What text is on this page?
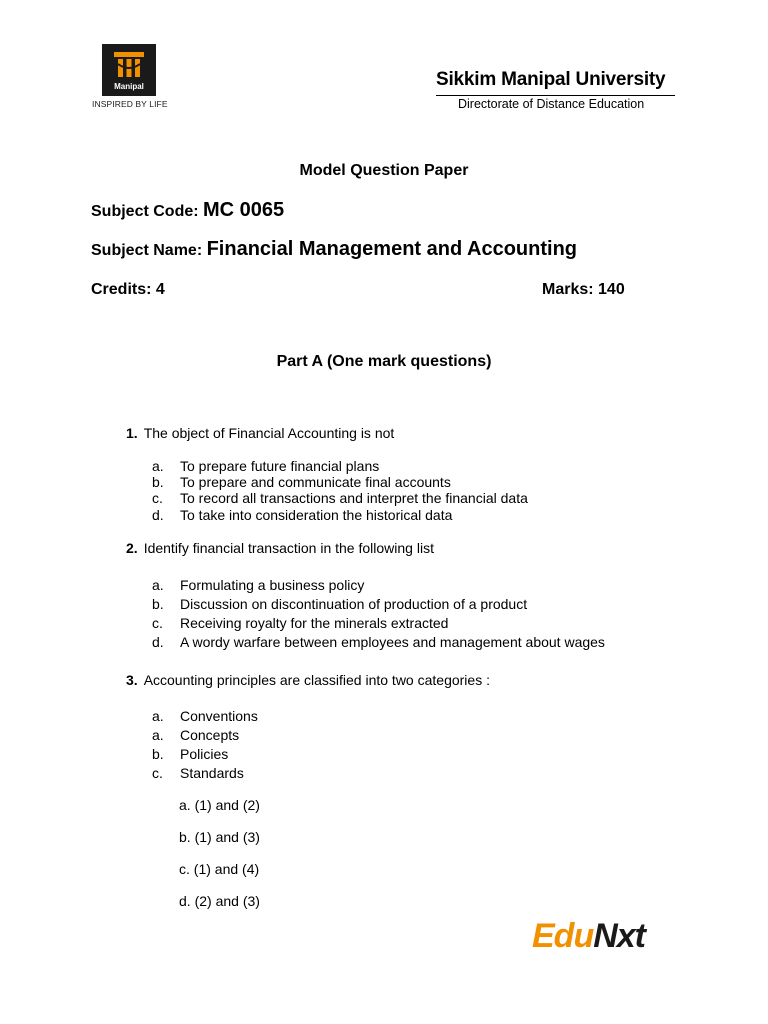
Manipal
INSPIRED BY LIFE
Sikkim Manipal University
Directorate of Distance Education
Model Question Paper
Subject Code: MC 0065
Subject Name: Financial Management and Accounting
Credits: 4	Marks: 140
Part A (One mark questions)
1. The object of Financial Accounting is not
a. To prepare future financial plans
b. To prepare and communicate final accounts
c. To record all transactions and interpret the financial data
d. To take into consideration the historical data
2. Identify financial transaction in the following list
a. Formulating a business policy
b. Discussion on discontinuation of production of a product
c. Receiving royalty for the minerals extracted
d. A wordy warfare between employees and management about wages
3. Accounting principles are classified into two categories :
a. Conventions
a. Concepts
b. Policies
c. Standards
a. (1) and (2)
b. (1) and (3)
c. (1) and (4)
d. (2) and (3)
EduNxt
